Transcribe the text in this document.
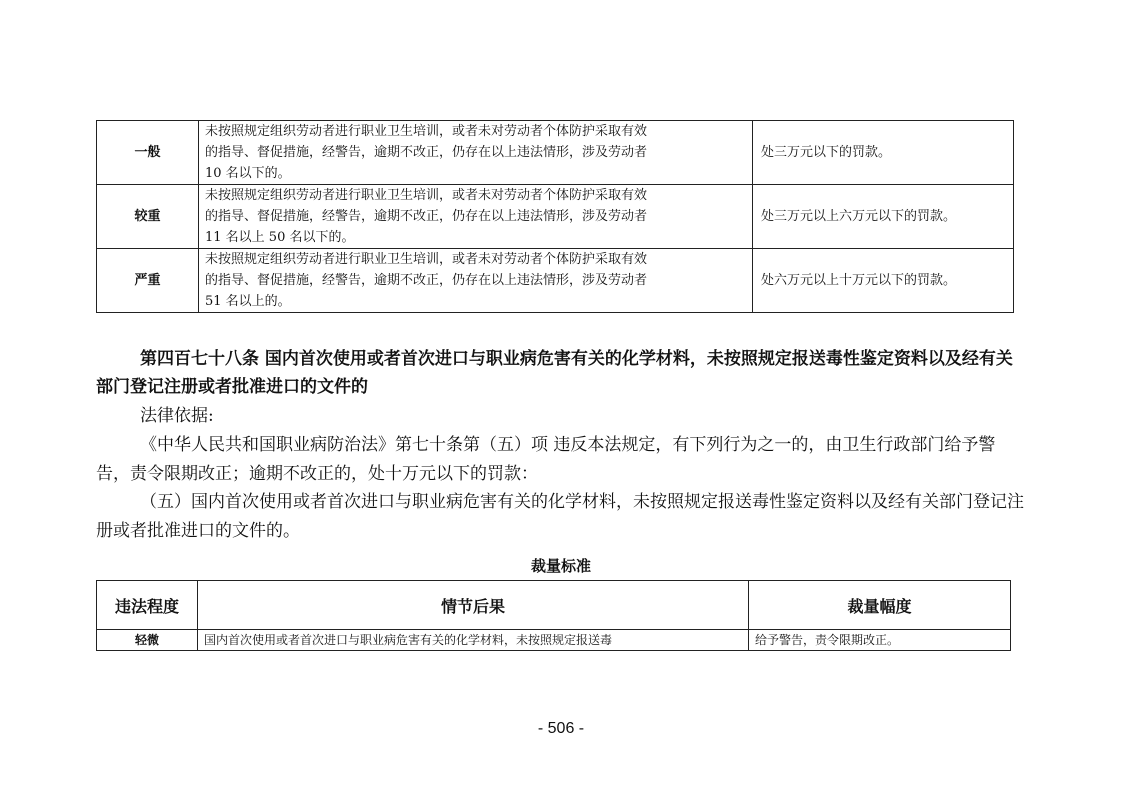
一般	未按照规定组织劳动者进行职业卫生培训，或者未对劳动者个体防护采取有效
的指导、督促措施，经警告，逾期不改正，仍存在以上违法情形，涉及劳动者
10 名以下的。	处三万元以下的罚款。
较重	未按照规定组织劳动者进行职业卫生培训，或者未对劳动者个体防护采取有效
的指导、督促措施，经警告，逾期不改正，仍存在以上违法情形，涉及劳动者
11 名以上 50 名以下的。	处三万元以上六万元以下的罚款。
严重	未按照规定组织劳动者进行职业卫生培训，或者未对劳动者个体防护采取有效
的指导、督促措施，经警告，逾期不改正，仍存在以上违法情形，涉及劳动者
51 名以上的。	处六万元以上十万元以下的罚款。
第四百七十八条 国内首次使用或者首次进口与职业病危害有关的化学材料，未按照规定报送毒性鉴定资料以及经有关部门登记注册或者批准进口的文件的
法律依据:
《中华人民共和国职业病防治法》第七十条第（五）项 违反本法规定，有下列行为之一的，由卫生行政部门给予警告，责令限期改正；逾期不改正的，处十万元以下的罚款：
（五）国内首次使用或者首次进口与职业病危害有关的化学材料，未按照规定报送毒性鉴定资料以及经有关部门登记注册或者批准进口的文件的。
裁量标准
违法程度	情节后果	裁量幅度
轻微	国内首次使用或者首次进口与职业病危害有关的化学材料，未按照规定报送毒	给予警告，责令限期改正。
- 506 -
